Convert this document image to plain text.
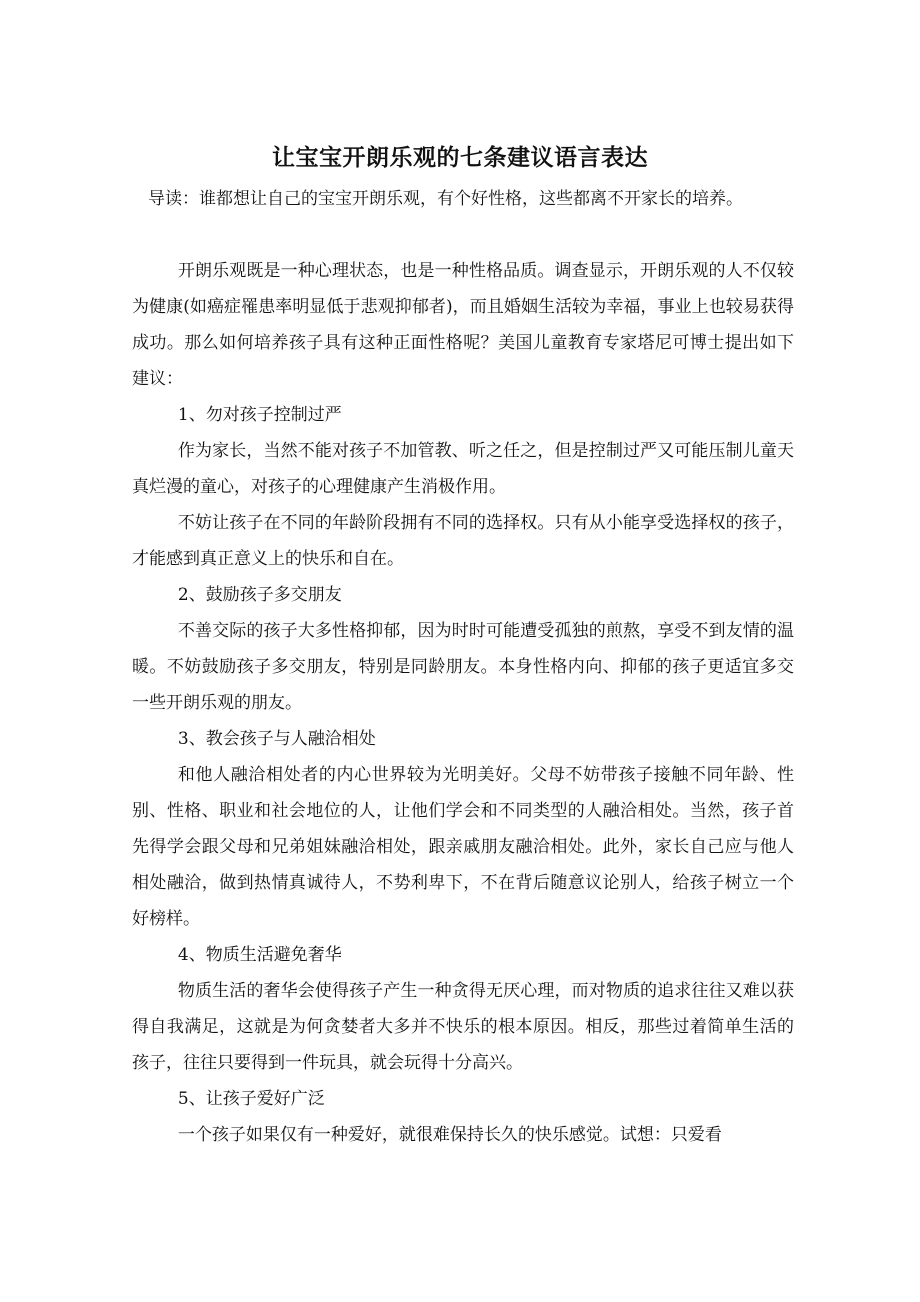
让宝宝开朗乐观的七条建议语言表达
导读：谁都想让自己的宝宝开朗乐观，有个好性格，这些都离不开家长的培养。

开朗乐观既是一种心理状态，也是一种性格品质。调查显示，开朗乐观的人不仅较为健康(如癌症罹患率明显低于悲观抑郁者)，而且婚姻生活较为幸福，事业上也较易获得成功。那么如何培养孩子具有这种正面性格呢？美国儿童教育专家塔尼可博士提出如下建议：

1、勿对孩子控制过严

作为家长，当然不能对孩子不加管教、听之任之，但是控制过严又可能压制儿童天真烂漫的童心，对孩子的心理健康产生消极作用。

不妨让孩子在不同的年龄阶段拥有不同的选择权。只有从小能享受选择权的孩子，才能感到真正意义上的快乐和自在。

2、鼓励孩子多交朋友

不善交际的孩子大多性格抑郁，因为时时可能遭受孤独的煎熬，享受不到友情的温暖。不妨鼓励孩子多交朋友，特别是同龄朋友。本身性格内向、抑郁的孩子更适宜多交一些开朗乐观的朋友。

3、教会孩子与人融洽相处

和他人融洽相处者的内心世界较为光明美好。父母不妨带孩子接触不同年龄、性别、性格、职业和社会地位的人，让他们学会和不同类型的人融洽相处。当然，孩子首先得学会跟父母和兄弟姐妹融洽相处，跟亲戚朋友融洽相处。此外，家长自己应与他人相处融洽，做到热情真诚待人，不势利卑下，不在背后随意议论别人，给孩子树立一个好榜样。

4、物质生活避免奢华

物质生活的奢华会使得孩子产生一种贪得无厌心理，而对物质的追求往往又难以获得自我满足，这就是为何贪婪者大多并不快乐的根本原因。相反，那些过着简单生活的孩子，往往只要得到一件玩具，就会玩得十分高兴。

5、让孩子爱好广泛

一个孩子如果仅有一种爱好，就很难保持长久的快乐感觉。试想：只爱看
